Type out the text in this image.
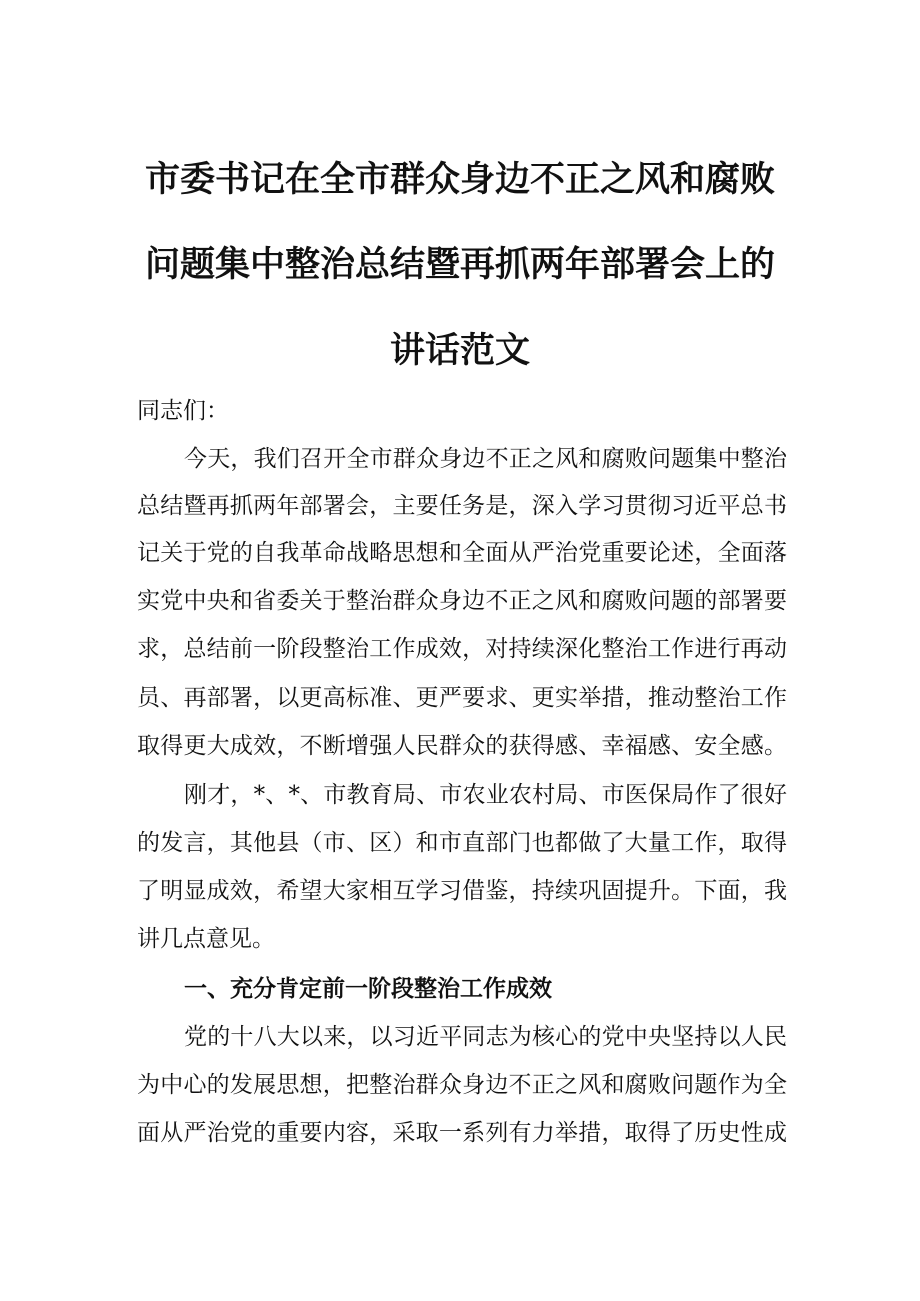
市委书记在全市群众身边不正之风和腐败
问题集中整治总结暨再抓两年部署会上的
讲话范文
同志们：
今天，我们召开全市群众身边不正之风和腐败问题集中整治
总结暨再抓两年部署会，主要任务是，深入学习贯彻习近平总书
记关于党的自我革命战略思想和全面从严治党重要论述，全面落
实党中央和省委关于整治群众身边不正之风和腐败问题的部署要
求，总结前一阶段整治工作成效，对持续深化整治工作进行再动
员、再部署，以更高标准、更严要求、更实举措，推动整治工作
取得更大成效，不断增强人民群众的获得感、幸福感、安全感。
刚才，*、*、市教育局、市农业农村局、市医保局作了很好
的发言，其他县（市、区）和市直部门也都做了大量工作，取得
了明显成效，希望大家相互学习借鉴，持续巩固提升。下面，我
讲几点意见。
一、充分肯定前一阶段整治工作成效
党的十八大以来，以习近平同志为核心的党中央坚持以人民
为中心的发展思想，把整治群众身边不正之风和腐败问题作为全
面从严治党的重要内容，采取一系列有力举措，取得了历史性成
